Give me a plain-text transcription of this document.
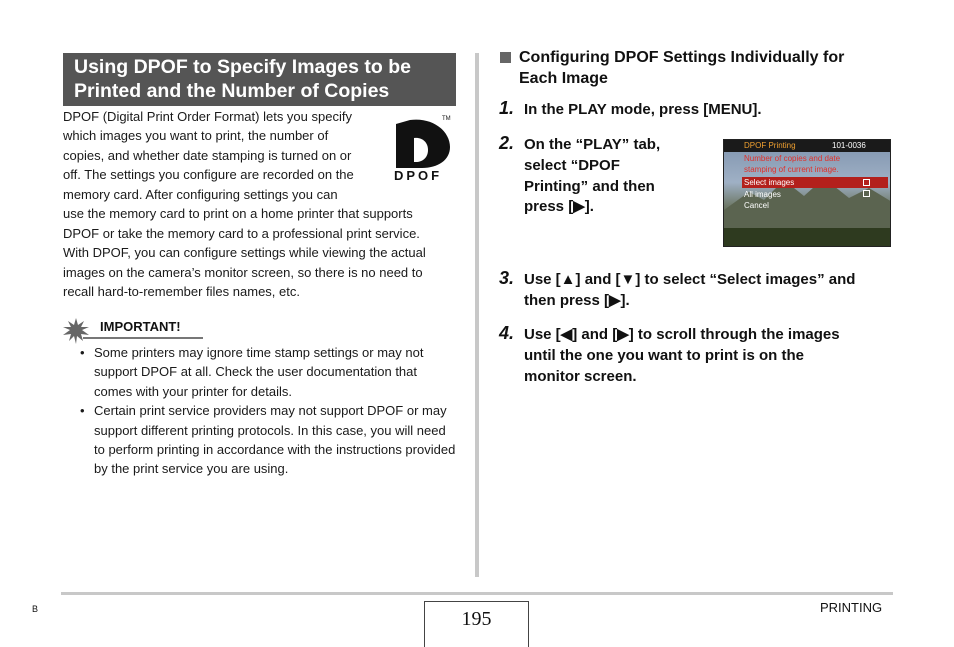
Using DPOF to Specify Images to be
Printed and the Number of Copies
DPOF (Digital Print Order Format) lets you specify
which images you want to print, the number of
copies, and whether date stamping is turned on or
off. The settings you configure are recorded on the
TM
DPOF
memory card. After configuring settings you can
use the memory card to print on a home printer that supports
DPOF or take the memory card to a professional print service.
With DPOF, you can configure settings while viewing the actual
images on the camera’s monitor screen, so there is no need to
recall hard-to-remember files names, etc.
IMPORTANT!
• Some printers may ignore time stamp settings or may not support DPOF at all. Check the user documentation that comes with your printer for details.
• Certain print service providers may not support DPOF or may support different printing protocols. In this case, you will need to perform printing in accordance with the instructions provided by the print service you are using.
Configuring DPOF Settings Individually for
Each Image
1. In the PLAY mode, press [MENU].
2. On the “PLAY” tab,
select “DPOF
Printing” and then
press [▶].
DPOF Printing	101-0036
Number of copies and date
stamping of current image.
Select images
All images
Cancel
3. Use [▲] and [▼] to select “Select images” and
then press [▶].
4. Use [◀] and [▶] to scroll through the images
until the one you want to print is on the
monitor screen.
195
B	PRINTING
